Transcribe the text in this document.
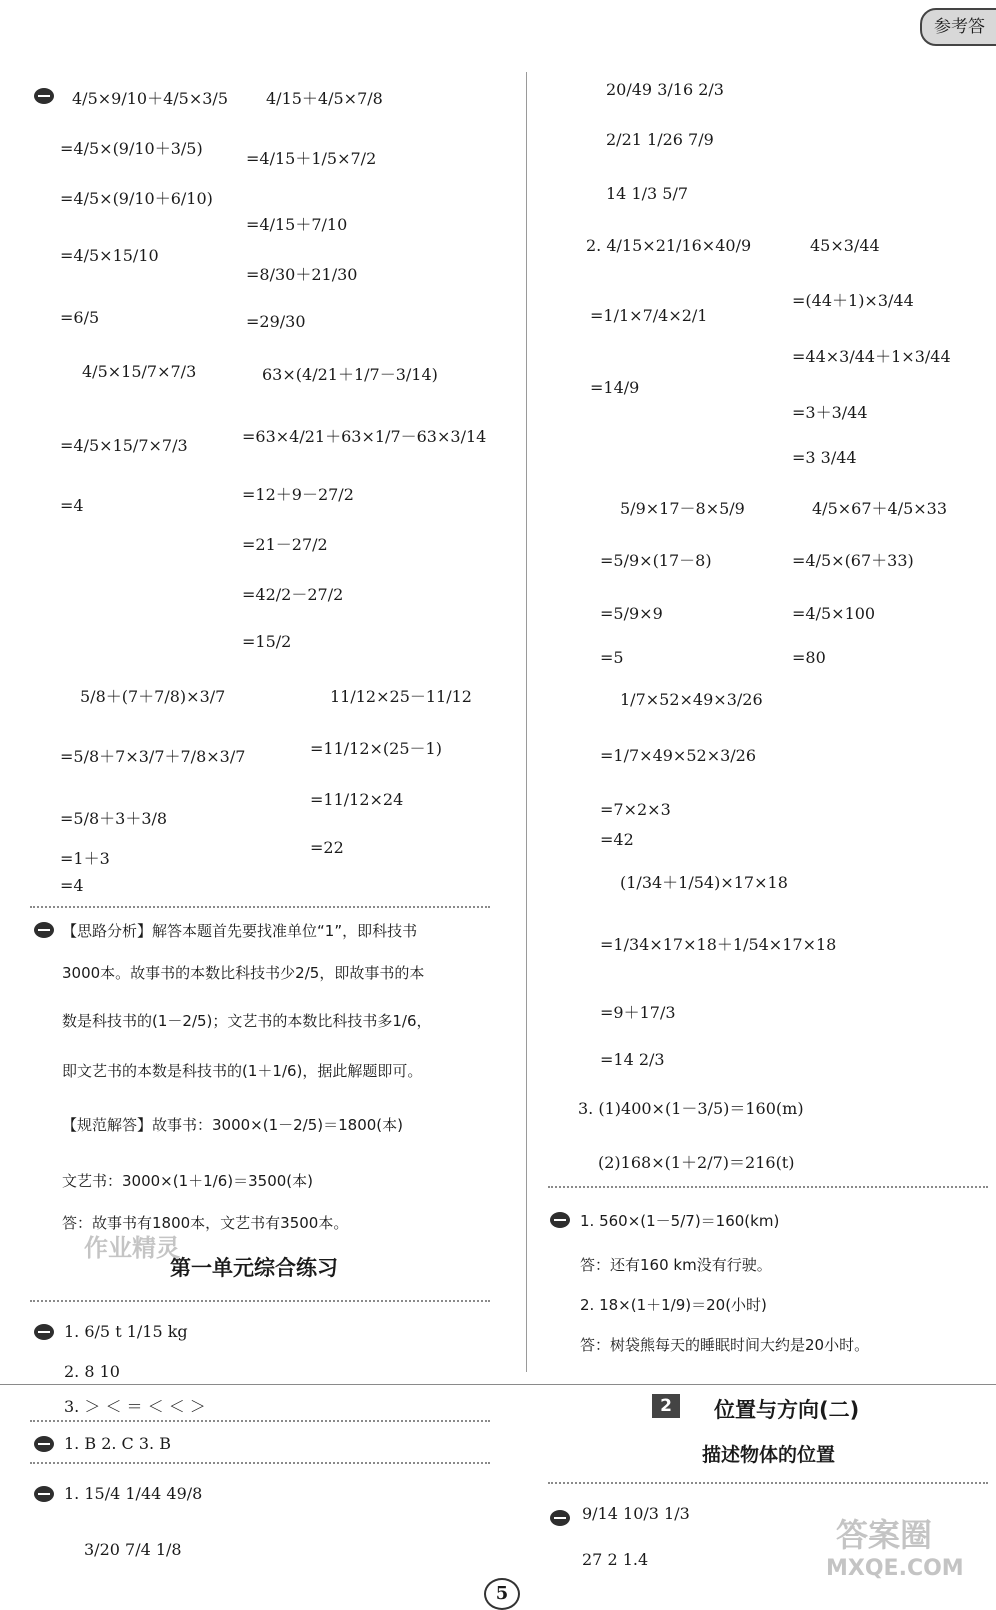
参考答
4/5×9/10＋4/5×3/5
=4/5×(9/10＋3/5)
=4/5×(9/10＋6/10)
=4/5×15/10
=6/5
4/15＋4/5×7/8
=4/15＋1/5×7/2
=4/15＋7/10
=8/30＋21/30
=29/30
4/5×15/7×7/3
=4/5×15/7×7/3
=4
63×(4/21＋1/7－3/14)
=63×4/21＋63×1/7－63×3/14
=12＋9－27/2
=21－27/2
=42/2－27/2
=15/2
5/8＋(7＋7/8)×3/7
=5/8＋7×3/7＋7/8×3/7
=5/8＋3＋3/8
=1＋3
=4
11/12×25－11/12
=11/12×(25－1)
=11/12×24
=22
【思路分析】解答本题首先要找准单位“1”，即科技书
3000本。故事书的本数比科技书少2/5，即故事书的本
数是科技书的(1－2/5)；文艺书的本数比科技书多1/6，
即文艺书的本数是科技书的(1＋1/6)，据此解题即可。
【规范解答】故事书：3000×(1－2/5)＝1800(本)
文艺书：3000×(1＋1/6)＝3500(本)
答：故事书有1800本，文艺书有3500本。
第一单元综合练习
1. 6/5 t 1/15 kg
2. 8 10
3. ＞ ＜ ＝ ＜ ＜ ＞
1. B 2. C 3. B
1. 15/4 1/44 49/8
3/20 7/4 1/8
20/49 3/16 2/3
2/21 1/26 7/9
14 1/3 5/7
2. 4/15×21/16×40/9
=1/1×7/4×2/1
=14/9
45×3/44
=(44＋1)×3/44
=44×3/44＋1×3/44
=3＋3/44
=3 3/44
5/9×17－8×5/9
=5/9×(17－8)
=5/9×9
=5
4/5×67＋4/5×33
=4/5×(67＋33)
=4/5×100
=80
1/7×52×49×3/26
=1/7×49×52×3/26
=7×2×3
=42
(1/34＋1/54)×17×18
=1/34×17×18＋1/54×17×18
=9＋17/3
=14 2/3
3. (1)400×(1－3/5)＝160(m)
(2)168×(1＋2/7)＝216(t)
1. 560×(1－5/7)＝160(km)
答：还有160 km没有行驶。
2. 18×(1＋1/9)＝20(小时)
答：树袋熊每天的睡眠时间大约是20小时。
2	位置与方向(二)
描述物体的位置
9/14 10/3 1/3
27 2 1.4
作业精灵
答案圈
MXQE.COM
5
